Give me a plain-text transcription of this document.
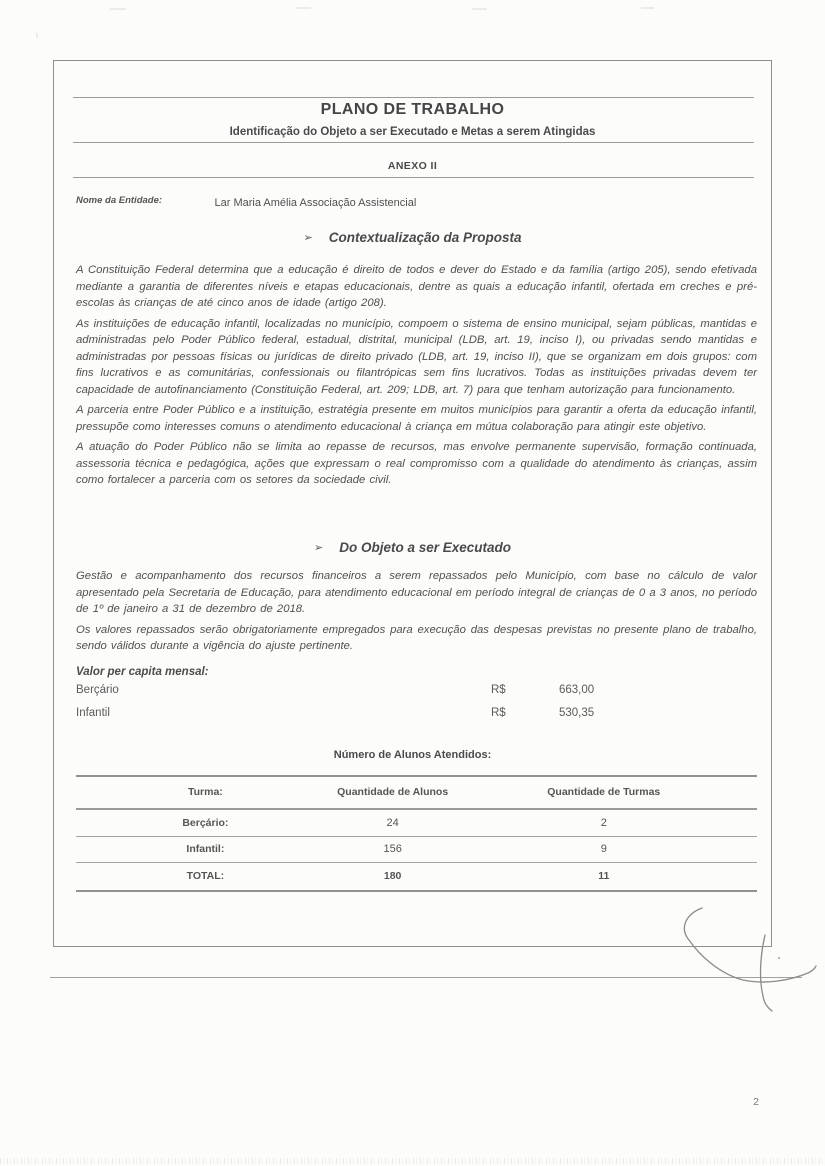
PLANO DE TRABALHO
Identificação do Objeto a ser Executado e Metas a serem Atingidas
ANEXO II
Nome da Entidade:	Lar Maria Amélia Associação Assistencial
➢ Contextualização da Proposta

A Constituição Federal determina que a educação é direito de todos e dever do Estado e da família (artigo 205), sendo efetivada mediante a garantia de diferentes níveis e etapas educacionais, dentre as quais a educação infantil, ofertada em creches e pré-escolas às crianças de até cinco anos de idade (artigo 208).

As instituições de educação infantil, localizadas no município, compoem o sistema de ensino municipal, sejam públicas, mantidas e administradas pelo Poder Público federal, estadual, distrital, municipal (LDB, art. 19, inciso I), ou privadas sendo mantidas e administradas por pessoas físicas ou jurídicas de direito privado (LDB, art. 19, inciso II), que se organizam em dois grupos: com fins lucrativos e as comunitárias, confessionais ou filantrópicas sem fins lucrativos. Todas as instituições privadas devem ter capacidade de autofinanciamento (Constituição Federal, art. 209; LDB, art. 7) para que tenham autorização para funcionamento.

A parceria entre Poder Público e a instituição, estratégia presente em muitos municípios para garantir a oferta da educação infantil, pressupõe como interesses comuns o atendimento educacional à criança em mútua colaboração para atingir este objetivo.

A atuação do Poder Público não se limita ao repasse de recursos, mas envolve permanente supervisão, formação continuada, assessoria técnica e pedagógica, ações que expressam o real compromisso com a qualidade do atendimento às crianças, assim como fortalecer a parceria com os setores da sociedade civil.

➢ Do Objeto a ser Executado

Gestão e acompanhamento dos recursos financeiros a serem repassados pelo Município, com base no cálculo de valor apresentado pela Secretaria de Educação, para atendimento educacional em período integral de crianças de 0 a 3 anos, no período de 1º de janeiro a 31 de dezembro de 2018.

Os valores repassados serão obrigatoriamente empregados para execução das despesas previstas no presente plano de trabalho, sendo válidos durante a vigência do ajuste pertinente.

Valor per capita mensal:
Berçário	R$	663,00
Infantil	R$	530,35
Número de Alunos Atendidos:
Turma:	Quantidade de Alunos	Quantidade de Turmas
Berçário:	24	2
Infantil:	156	9
TOTAL:	180	11
2
